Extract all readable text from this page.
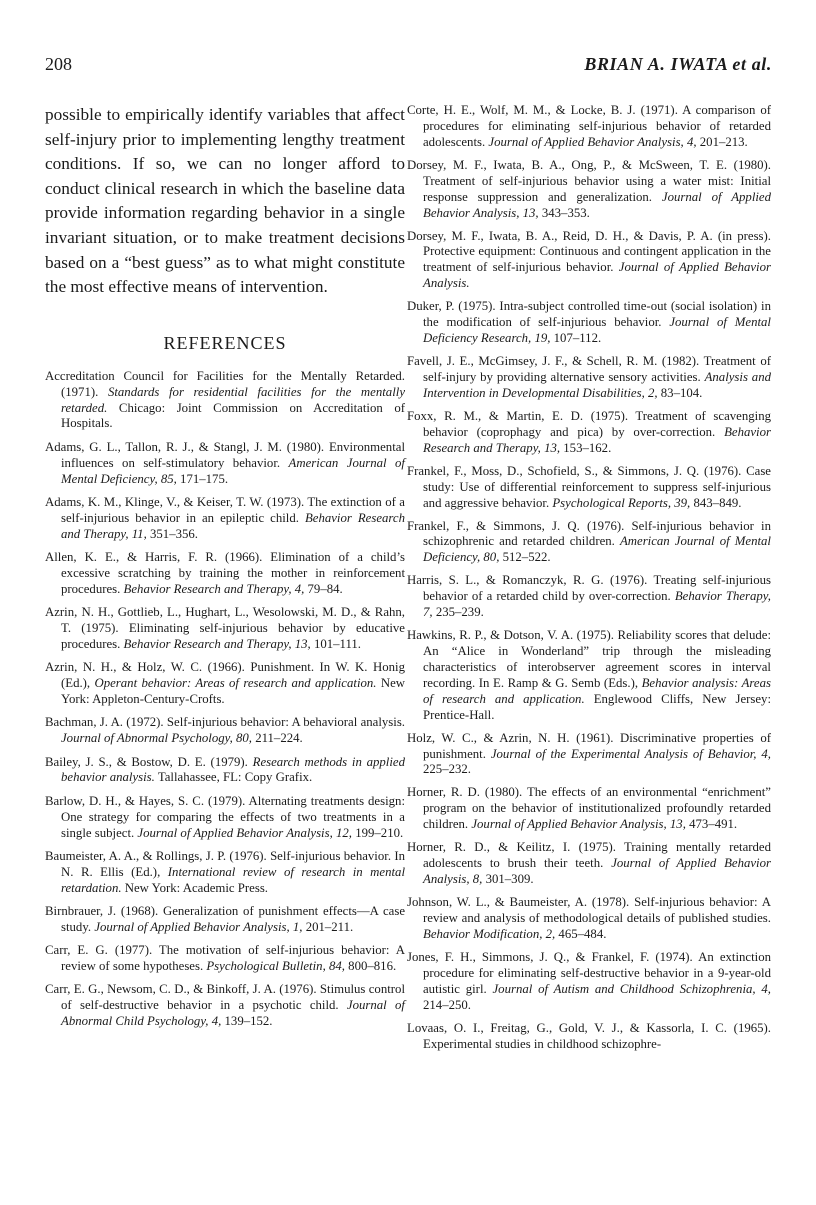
208	BRIAN A. IWATA et al.

possible to empirically identify variables that affect self-injury prior to implementing lengthy treatment conditions. If so, we can no longer afford to conduct clinical research in which the baseline data provide information regarding behavior in a single invariant situation, or to make treatment decisions based on a “best guess” as to what might constitute the most effective means of intervention.

REFERENCES
Accreditation Council for Facilities for the Mentally Retarded. (1971). Standards for residential facilities for the mentally retarded. Chicago: Joint Commission on Accreditation of Hospitals.
Adams, G. L., Tallon, R. J., & Stangl, J. M. (1980). Environmental influences on self-stimulatory behavior. American Journal of Mental Deficiency, 85, 171–175.
Adams, K. M., Klinge, V., & Keiser, T. W. (1973). The extinction of a self-injurious behavior in an epileptic child. Behavior Research and Therapy, 11, 351–356.
Allen, K. E., & Harris, F. R. (1966). Elimination of a child’s excessive scratching by training the mother in reinforcement procedures. Behavior Research and Therapy, 4, 79–84.
Azrin, N. H., Gottlieb, L., Hughart, L., Wesolowski, M. D., & Rahn, T. (1975). Eliminating self-injurious behavior by educative procedures. Behavior Research and Therapy, 13, 101–111.
Azrin, N. H., & Holz, W. C. (1966). Punishment. In W. K. Honig (Ed.), Operant behavior: Areas of research and application. New York: Appleton-Century-Crofts.
Bachman, J. A. (1972). Self-injurious behavior: A behavioral analysis. Journal of Abnormal Psychology, 80, 211–224.
Bailey, J. S., & Bostow, D. E. (1979). Research methods in applied behavior analysis. Tallahassee, FL: Copy Grafix.
Barlow, D. H., & Hayes, S. C. (1979). Alternating treatments design: One strategy for comparing the effects of two treatments in a single subject. Journal of Applied Behavior Analysis, 12, 199–210.
Baumeister, A. A., & Rollings, J. P. (1976). Self-injurious behavior. In N. R. Ellis (Ed.), International review of research in mental retardation. New York: Academic Press.
Birnbrauer, J. (1968). Generalization of punishment effects—A case study. Journal of Applied Behavior Analysis, 1, 201–211.
Carr, E. G. (1977). The motivation of self-injurious behavior: A review of some hypotheses. Psychological Bulletin, 84, 800–816.
Carr, E. G., Newsom, C. D., & Binkoff, J. A. (1976). Stimulus control of self-destructive behavior in a psychotic child. Journal of Abnormal Child Psychology, 4, 139–152.
Corte, H. E., Wolf, M. M., & Locke, B. J. (1971). A comparison of procedures for eliminating self-injurious behavior of retarded adolescents. Journal of Applied Behavior Analysis, 4, 201–213.
Dorsey, M. F., Iwata, B. A., Ong, P., & McSween, T. E. (1980). Treatment of self-injurious behavior using a water mist: Initial response suppression and generalization. Journal of Applied Behavior Analysis, 13, 343–353.
Dorsey, M. F., Iwata, B. A., Reid, D. H., & Davis, P. A. (in press). Protective equipment: Continuous and contingent application in the treatment of self-injurious behavior. Journal of Applied Behavior Analysis.
Duker, P. (1975). Intra-subject controlled time-out (social isolation) in the modification of self-injurious behavior. Journal of Mental Deficiency Research, 19, 107–112.
Favell, J. E., McGimsey, J. F., & Schell, R. M. (1982). Treatment of self-injury by providing alternative sensory activities. Analysis and Intervention in Developmental Disabilities, 2, 83–104.
Foxx, R. M., & Martin, E. D. (1975). Treatment of scavenging behavior (coprophagy and pica) by over-correction. Behavior Research and Therapy, 13, 153–162.
Frankel, F., Moss, D., Schofield, S., & Simmons, J. Q. (1976). Case study: Use of differential reinforcement to suppress self-injurious and aggressive behavior. Psychological Reports, 39, 843–849.
Frankel, F., & Simmons, J. Q. (1976). Self-injurious behavior in schizophrenic and retarded children. American Journal of Mental Deficiency, 80, 512–522.
Harris, S. L., & Romanczyk, R. G. (1976). Treating self-injurious behavior of a retarded child by over-correction. Behavior Therapy, 7, 235–239.
Hawkins, R. P., & Dotson, V. A. (1975). Reliability scores that delude: An “Alice in Wonderland” trip through the misleading characteristics of interobserver agreement scores in interval recording. In E. Ramp & G. Semb (Eds.), Behavior analysis: Areas of research and application. Englewood Cliffs, New Jersey: Prentice-Hall.
Holz, W. C., & Azrin, N. H. (1961). Discriminative properties of punishment. Journal of the Experimental Analysis of Behavior, 4, 225–232.
Horner, R. D. (1980). The effects of an environmental “enrichment” program on the behavior of institutionalized profoundly retarded children. Journal of Applied Behavior Analysis, 13, 473–491.
Horner, R. D., & Keilitz, I. (1975). Training mentally retarded adolescents to brush their teeth. Journal of Applied Behavior Analysis, 8, 301–309.
Johnson, W. L., & Baumeister, A. (1978). Self-injurious behavior: A review and analysis of methodological details of published studies. Behavior Modification, 2, 465–484.
Jones, F. H., Simmons, J. Q., & Frankel, F. (1974). An extinction procedure for eliminating self-destructive behavior in a 9-year-old autistic girl. Journal of Autism and Childhood Schizophrenia, 4, 214–250.
Lovaas, O. I., Freitag, G., Gold, V. J., & Kassorla, I. C. (1965). Experimental studies in childhood schizophre-
